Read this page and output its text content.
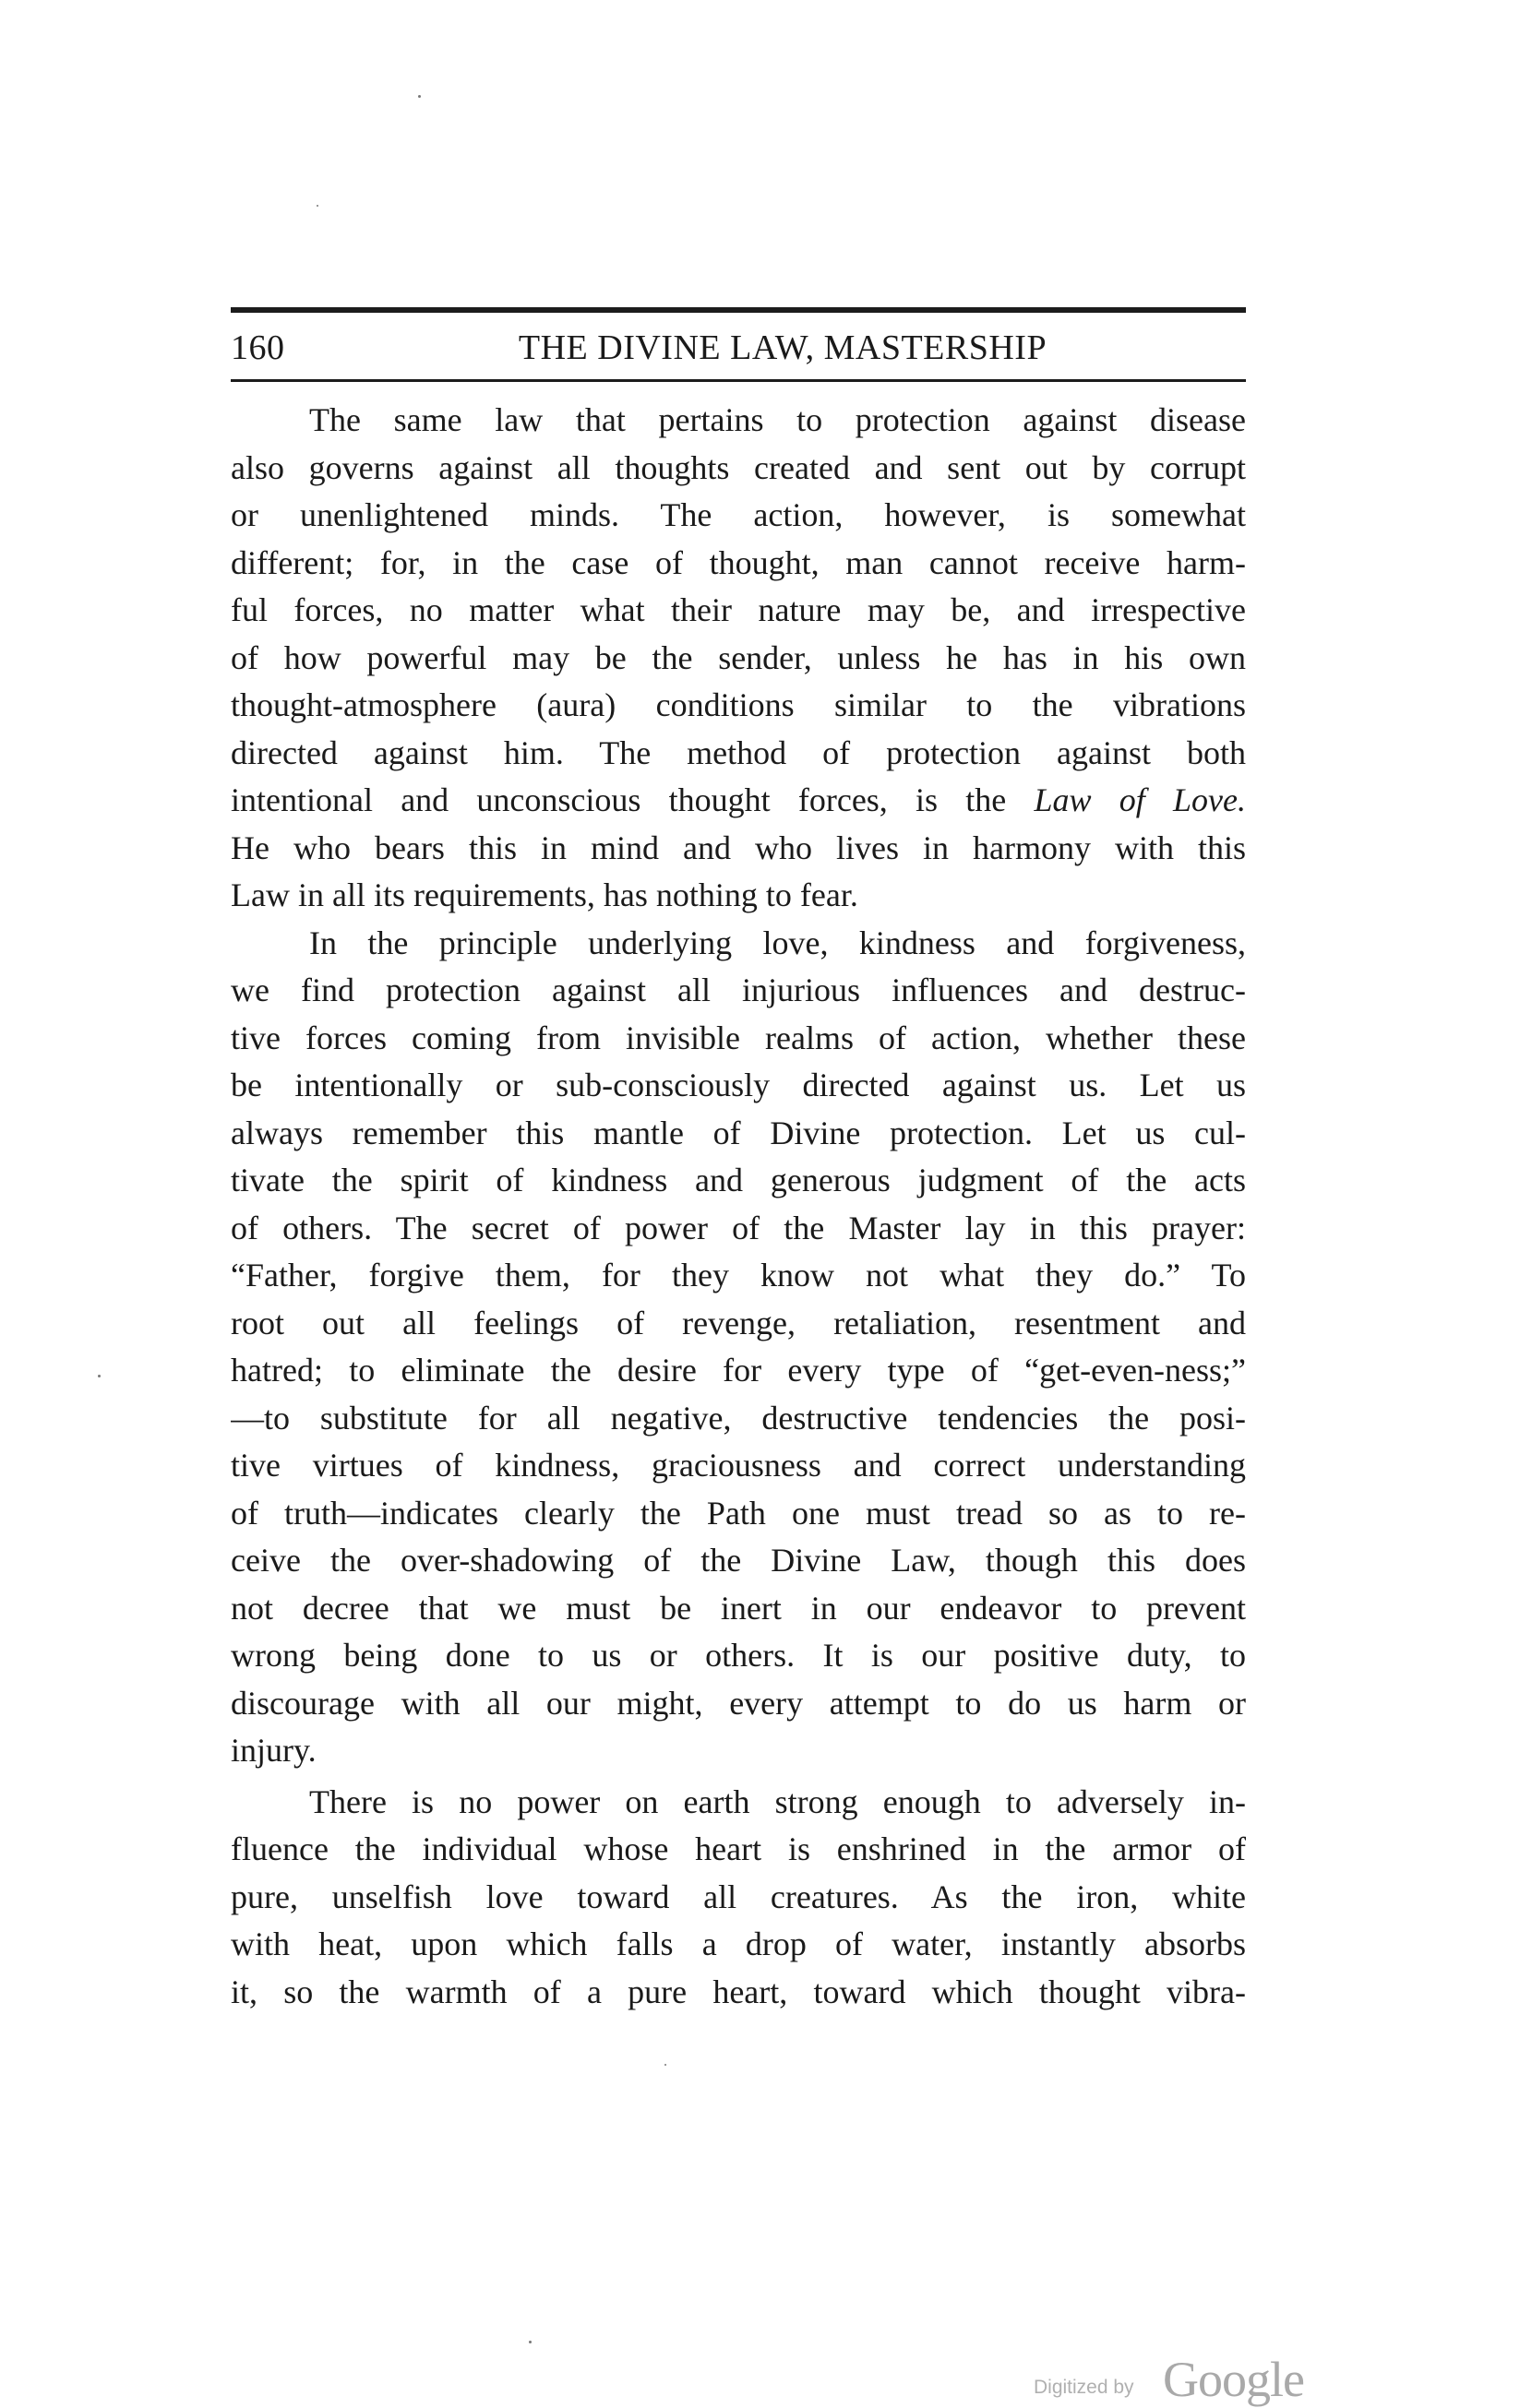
160	THE DIVINE LAW, MASTERSHIP
The same law that pertains to protection against disease
also governs against all thoughts created and sent out by corrupt
or unenlightened minds. The action, however, is somewhat
different; for, in the case of thought, man cannot receive harm-
ful forces, no matter what their nature may be, and irrespective
of how powerful may be the sender, unless he has in his own
thought-atmosphere (aura) conditions similar to the vibrations
directed against him. The method of protection against both
intentional and unconscious thought forces, is the Law of Love.
He who bears this in mind and who lives in harmony with this
Law in all its requirements, has nothing to fear.
In the principle underlying love, kindness and forgiveness,
we find protection against all injurious influences and destruc-
tive forces coming from invisible realms of action, whether these
be intentionally or sub-consciously directed against us. Let us
always remember this mantle of Divine protection. Let us cul-
tivate the spirit of kindness and generous judgment of the acts
of others. The secret of power of the Master lay in this prayer:
“Father, forgive them, for they know not what they do.” To
root out all feelings of revenge, retaliation, resentment and
hatred; to eliminate the desire for every type of “get-even-ness;”
—to substitute for all negative, destructive tendencies the posi-
tive virtues of kindness, graciousness and correct understanding
of truth—indicates clearly the Path one must tread so as to re-
ceive the over-shadowing of the Divine Law, though this does
not decree that we must be inert in our endeavor to prevent
wrong being done to us or others. It is our positive duty, to
discourage with all our might, every attempt to do us harm or
injury.
There is no power on earth strong enough to adversely in-
fluence the individual whose heart is enshrined in the armor of
pure, unselfish love toward all creatures. As the iron, white
with heat, upon which falls a drop of water, instantly absorbs
it, so the warmth of a pure heart, toward which thought vibra-
Digitized by Google
